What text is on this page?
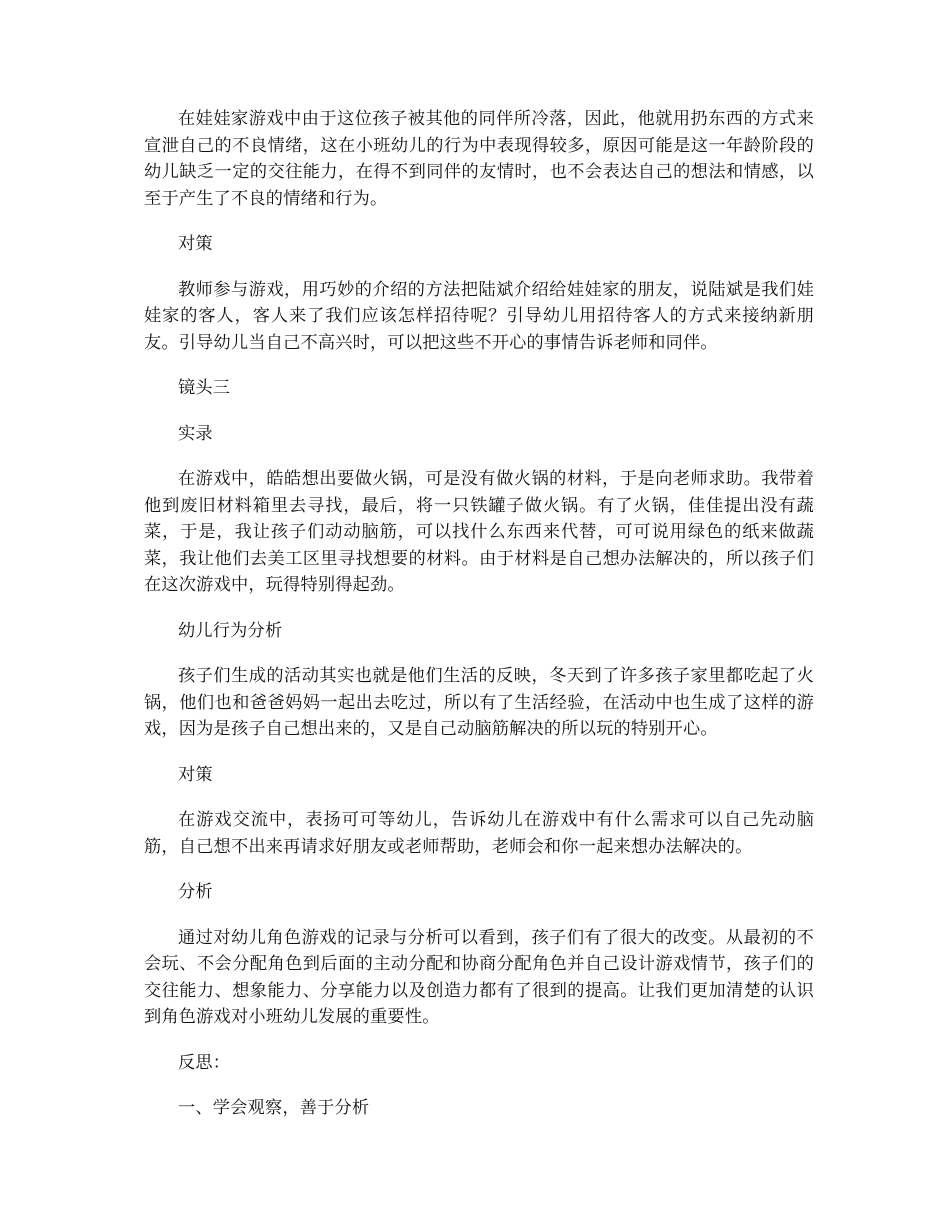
在娃娃家游戏中由于这位孩子被其他的同伴所冷落，因此，他就用扔东西的方式来宣泄自己的不良情绪，这在小班幼儿的行为中表现得较多，原因可能是这一年龄阶段的幼儿缺乏一定的交往能力，在得不到同伴的友情时，也不会表达自己的想法和情感，以至于产生了不良的情绪和行为。

对策

教师参与游戏，用巧妙的介绍的方法把陆斌介绍给娃娃家的朋友，说陆斌是我们娃娃家的客人，客人来了我们应该怎样招待呢？引导幼儿用招待客人的方式来接纳新朋友。引导幼儿当自己不高兴时，可以把这些不开心的事情告诉老师和同伴。

镜头三

实录

在游戏中，皓皓想出要做火锅，可是没有做火锅的材料，于是向老师求助。我带着他到废旧材料箱里去寻找，最后，将一只铁罐子做火锅。有了火锅，佳佳提出没有蔬菜，于是，我让孩子们动动脑筋，可以找什么东西来代替，可可说用绿色的纸来做蔬菜，我让他们去美工区里寻找想要的材料。由于材料是自己想办法解决的，所以孩子们在这次游戏中，玩得特别得起劲。

幼儿行为分析

孩子们生成的活动其实也就是他们生活的反映，冬天到了许多孩子家里都吃起了火锅，他们也和爸爸妈妈一起出去吃过，所以有了生活经验，在活动中也生成了这样的游戏，因为是孩子自己想出来的，又是自己动脑筋解决的所以玩的特别开心。

对策

在游戏交流中，表扬可可等幼儿，告诉幼儿在游戏中有什么需求可以自己先动脑筋，自己想不出来再请求好朋友或老师帮助，老师会和你一起来想办法解决的。

分析

通过对幼儿角色游戏的记录与分析可以看到，孩子们有了很大的改变。从最初的不会玩、不会分配角色到后面的主动分配和协商分配角色并自己设计游戏情节，孩子们的交往能力、想象能力、分享能力以及创造力都有了很到的提高。让我们更加清楚的认识到角色游戏对小班幼儿发展的重要性。

反思：

一、学会观察，善于分析
